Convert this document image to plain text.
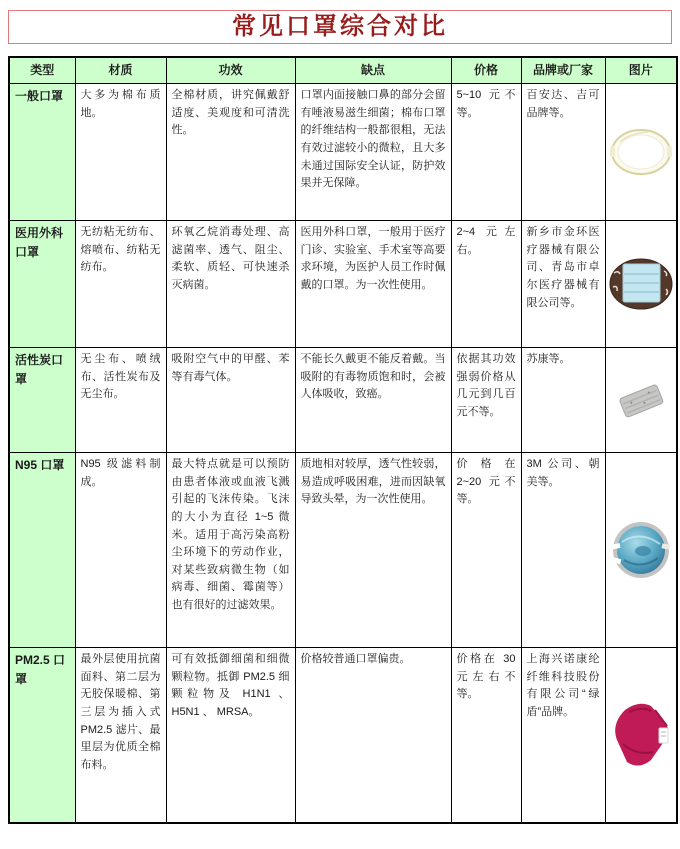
常见口罩综合对比
类型	材质	功效	缺点	价格	品牌或厂家	图片
一般口罩	大多为棉布质地。	全棉材质，讲究佩戴舒适度、美观度和可清洗性。	口罩内面接触口鼻的部分会留有唾液易滋生细菌；棉布口罩的纤维结构一般都很粗，无法有效过滤较小的微粒，且大多未通过国际安全认证，防护效果并无保障。	5~10 元不等。	百安达、吉可品牌等。	
医用外科口罩	无纺粘无纺布、熔喷布、纺粘无纺布。	环氧乙烷消毒处理、高滤菌率、透气、阻尘、柔软、质轻、可快速杀灭病菌。	医用外科口罩，一般用于医疗门诊、实验室、手术室等高要求环境，为医护人员工作时佩戴的口罩。为一次性使用。	2~4 元左右。	新乡市金环医疗器械有限公司、青岛市卓尔医疗器械有限公司等。	
活性炭口罩	无尘布、喷绒布、活性炭布及无尘布。	吸附空气中的甲醛、苯等有毒气体。	不能长久戴更不能反着戴。当吸附的有毒物质饱和时，会被人体吸收，致癌。	依据其功效强弱价格从几元到几百元不等。	苏康等。	
N95 口罩	N95 级滤料制成。	最大特点就是可以预防由患者体液或血液飞溅引起的飞沫传染。飞沫的大小为直径 1~5 微米。适用于高污染高粉尘环境下的劳动作业，对某些致病微生物（如病毒、细菌、霉菌等）也有很好的过滤效果。	质地相对较厚，透气性较弱，易造成呼吸困难，进而因缺氧导致头晕，为一次性使用。	价格在 2~20 元不等。	3M 公司、朝美等。	
PM2.5 口罩	最外层使用抗菌面料、第二层为无胶保暖棉、第三层为插入式 PM2.5 滤片、最里层为优质全棉布料。	可有效抵御细菌和细微颗粒物。抵御 PM2.5 细颗粒物及 H1N1 、 H5N1 、 MRSA。	价格较普通口罩偏贵。	价格在 30 元左右不等。	上海兴诺康纶纤维科技股份有限公司“绿盾”品牌。	
